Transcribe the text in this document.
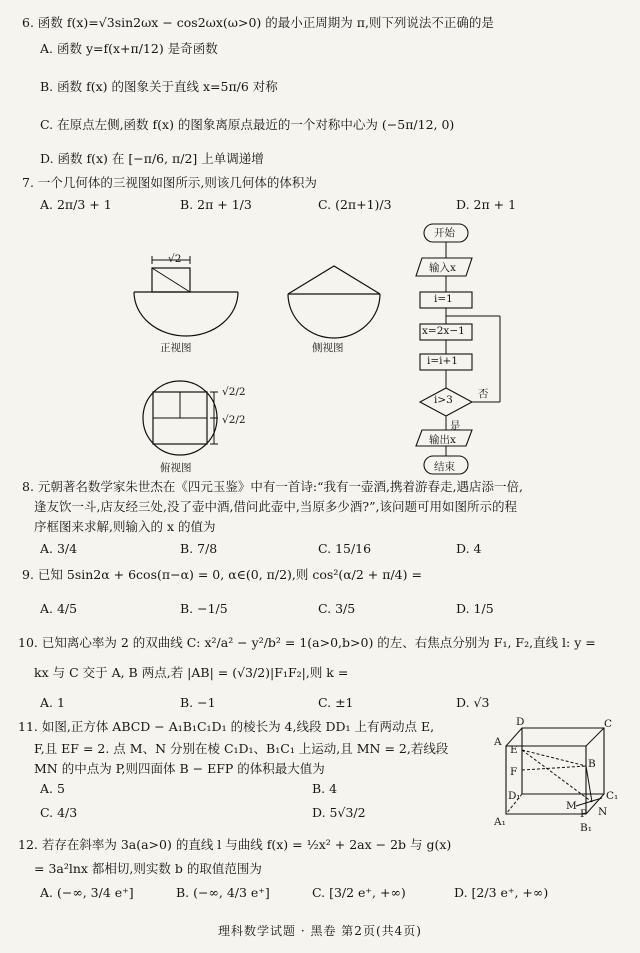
6. 函数 f(x)=√3sin2ωx − cos2ωx(ω>0) 的最小正周期为 π,则下列说法不正确的是
A. 函数 y=f(x+π/12) 是奇函数
B. 函数 f(x) 的图象关于直线 x=5π/6 对称
C. 在原点左侧,函数 f(x) 的图象离原点最近的一个对称中心为 (−5π/12, 0)
D. 函数 f(x) 在 [−π/6, π/2] 上单调递增
7. 一个几何体的三视图如图所示,则该几何体的体积为
A. 2π/3 + 1	B. 2π + 1/3	C. (2π+1)/3	D. 2π + 1
√2
正视图	侧视图
√2/2
√2/2
俯视图
开始
输入x
i=1
x=2x−1
i=i+1
i>3 否
是
输出x
结束
8. 元朝著名数学家朱世杰在《四元玉鉴》中有一首诗:“我有一壶酒,携着游春走,遇店添一倍,
逢友饮一斗,店友经三处,没了壶中酒,借问此壶中,当原多少酒?”,该问题可用如图所示的程
序框图来求解,则输入的 x 的值为
A. 3/4	B. 7/8	C. 15/16	D. 4
9. 已知 5sin2α + 6cos(π−α) = 0, α∈(0, π/2),则 cos²(α/2 + π/4) =
A. 4/5	B. −1/5	C. 3/5	D. 1/5
10. 已知离心率为 2 的双曲线 C: x²/a² − y²/b² = 1(a>0,b>0) 的左、右焦点分别为 F₁, F₂,直线 l: y =
kx 与 C 交于 A, B 两点,若 |AB| = (√3/2)|F₁F₂|,则 k =
A. 1	B. −1	C. ±1	D. √3
11. 如图,正方体 ABCD − A₁B₁C₁D₁ 的棱长为 4,线段 DD₁ 上有两动点 E,
F,且 EF = 2. 点 M、N 分别在棱 C₁D₁、B₁C₁ 上运动,且 MN = 2,若线段
MN 的中点为 P,则四面体 B − EFP 的体积最大值为
A. 5	B. 4
C. 4/3	D. 5√3/2
D	C
A
B
E
F
D₁	C₁
M
P N
A₁	B₁
12. 若存在斜率为 3a(a>0) 的直线 l 与曲线 f(x) = ½x² + 2ax − 2b 与 g(x)
= 3a²lnx 都相切,则实数 b 的取值范围为
A. (−∞, 3/4 e⁺]	B. (−∞, 4/3 e⁺]	C. [3/2 e⁺, +∞)	D. [2/3 e⁺, +∞)
理科数学试题 · 黑卷 第2页(共4页)
